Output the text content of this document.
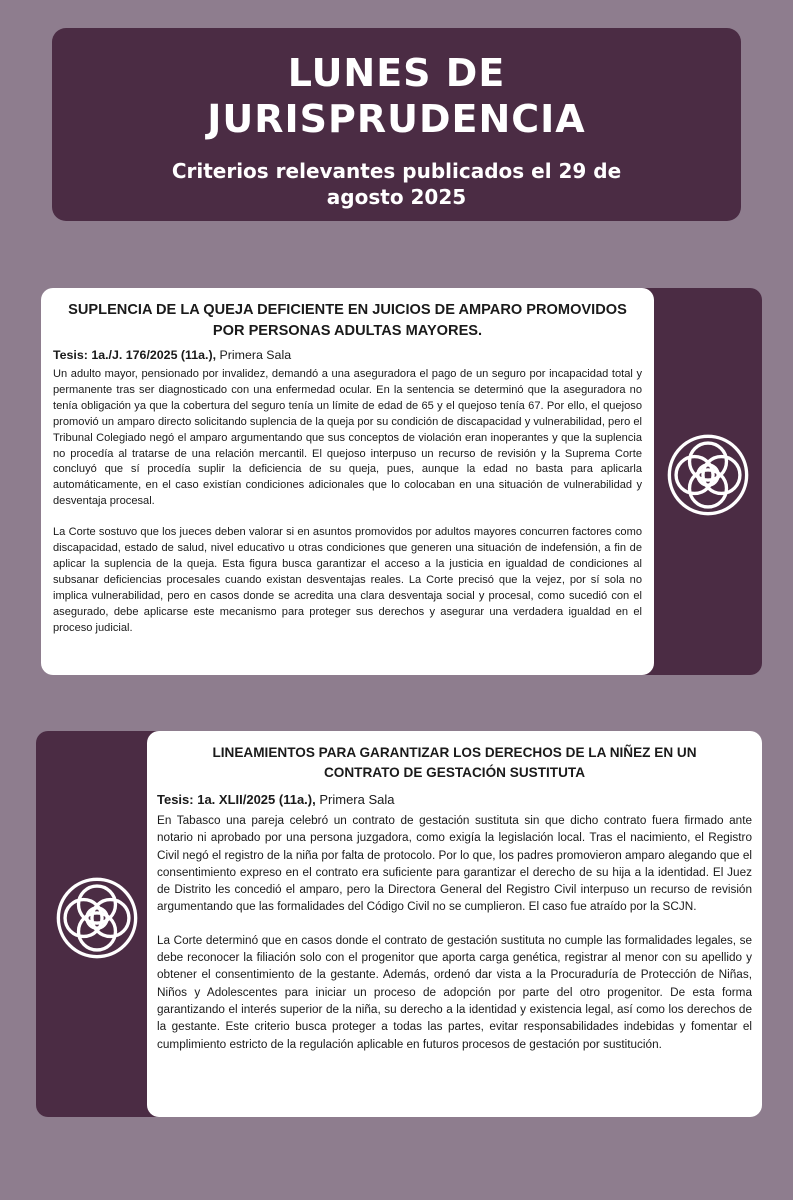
LUNES DE JURISPRUDENCIA
Criterios relevantes publicados el 29 de agosto 2025
SUPLENCIA DE LA QUEJA DEFICIENTE EN JUICIOS DE AMPARO PROMOVIDOS POR PERSONAS ADULTAS MAYORES.
Tesis: 1a./J. 176/2025 (11a.), Primera Sala

Un adulto mayor, pensionado por invalidez, demandó a una aseguradora el pago de un seguro por incapacidad total y permanente tras ser diagnosticado con una enfermedad ocular. En la sentencia se determinó que la aseguradora no tenía obligación ya que la cobertura del seguro tenía un límite de edad de 65 y el quejoso tenía 67. Por ello, el quejoso promovió un amparo directo solicitando suplencia de la queja por su condición de discapacidad y vulnerabilidad, pero el Tribunal Colegiado negó el amparo argumentando que sus conceptos de violación eran inoperantes y que la suplencia no procedía al tratarse de una relación mercantil. El quejoso interpuso un recurso de revisión y la Suprema Corte concluyó que sí procedía suplir la deficiencia de su queja, pues, aunque la edad no basta para aplicarla automáticamente, en el caso existían condiciones adicionales que lo colocaban en una situación de vulnerabilidad y desventaja procesal.

La Corte sostuvo que los jueces deben valorar si en asuntos promovidos por adultos mayores concurren factores como discapacidad, estado de salud, nivel educativo u otras condiciones que generen una situación de indefensión, a fin de aplicar la suplencia de la queja. Esta figura busca garantizar el acceso a la justicia en igualdad de condiciones al subsanar deficiencias procesales cuando existan desventajas reales. La Corte precisó que la vejez, por sí sola no implica vulnerabilidad, pero en casos donde se acredita una clara desventaja social y procesal, como sucedió con el asegurado, debe aplicarse este mecanismo para proteger sus derechos y asegurar una verdadera igualdad en el proceso judicial.

LINEAMIENTOS PARA GARANTIZAR LOS DERECHOS DE LA NIÑEZ EN UN CONTRATO DE GESTACIÓN SUSTITUTA
Tesis: 1a. XLII/2025 (11a.), Primera Sala

En Tabasco una pareja celebró un contrato de gestación sustituta sin que dicho contrato fuera firmado ante notario ni aprobado por una persona juzgadora, como exigía la legislación local. Tras el nacimiento, el Registro Civil negó el registro de la niña por falta de protocolo. Por lo que, los padres promovieron amparo alegando que el consentimiento expreso en el contrato era suficiente para garantizar el derecho de su hija a la identidad. El Juez de Distrito les concedió el amparo, pero la Directora General del Registro Civil interpuso un recurso de revisión argumentando que las formalidades del Código Civil no se cumplieron. El caso fue atraído por la SCJN.

La Corte determinó que en casos donde el contrato de gestación sustituta no cumple las formalidades legales, se debe reconocer la filiación solo con el progenitor que aporta carga genética, registrar al menor con su apellido y obtener el consentimiento de la gestante. Además, ordenó dar vista a la Procuraduría de Protección de Niñas, Niños y Adolescentes para iniciar un proceso de adopción por parte del otro progenitor. De esta forma garantizando el interés superior de la niña, su derecho a la identidad y existencia legal, así como los derechos de la gestante. Este criterio busca proteger a todas las partes, evitar responsabilidades indebidas y fomentar el cumplimiento estricto de la regulación aplicable en futuros procesos de gestación por sustitución.
